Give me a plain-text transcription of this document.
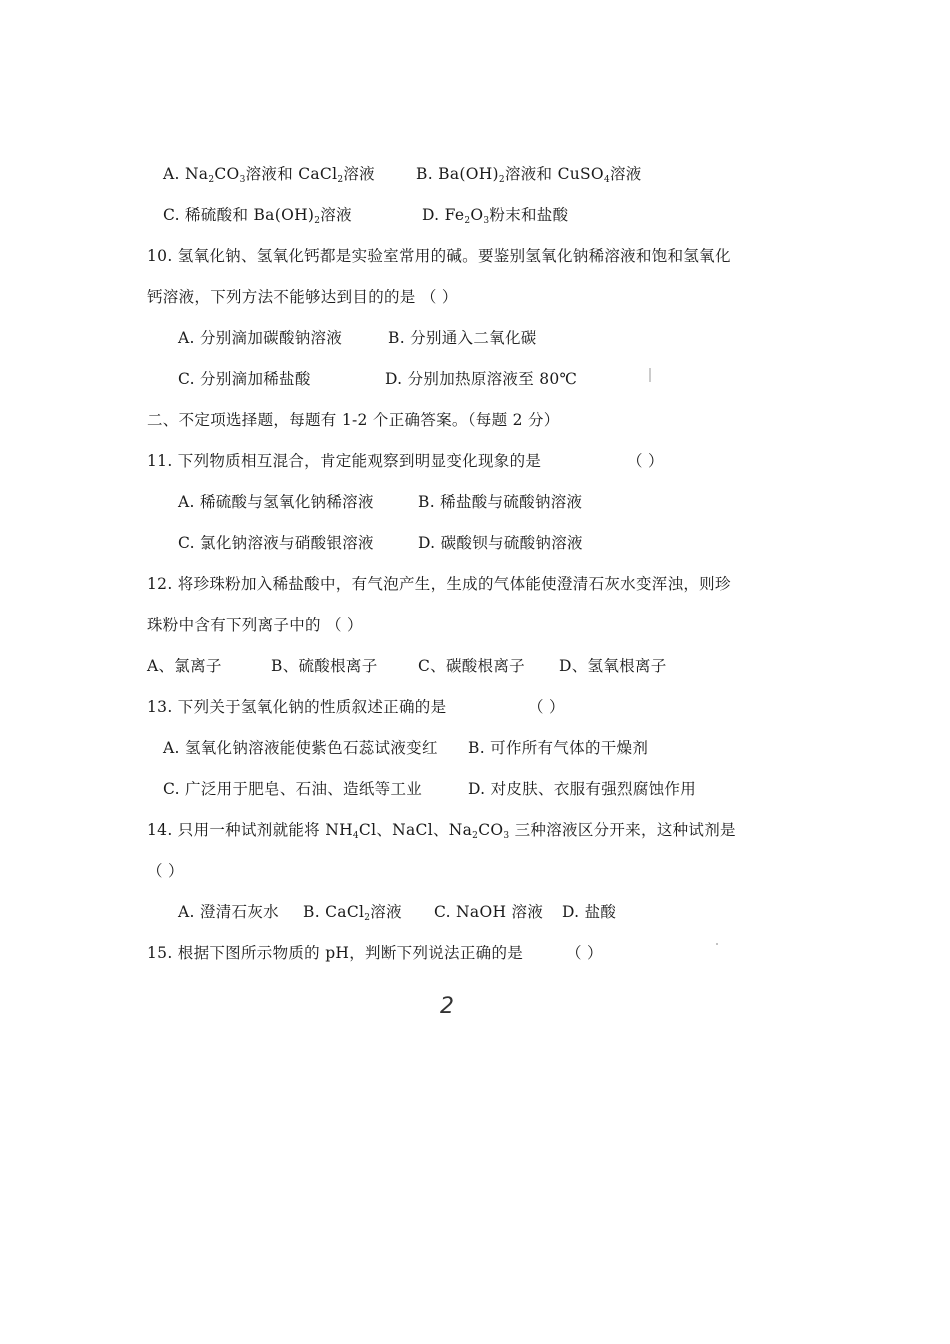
A. $Na_2CO_3$溶液和 CaCl$_2$溶液	B. $Ba(OH)_2$溶液和 CuSO$_4$溶液
C. 稀硫酸和 $Ba(OH)_2$溶液	D. $Fe_2O_3$粉末和盐酸
10. 氢氧化钠、氢氧化钙都是实验室常用的碱。要鉴别氢氧化钠稀溶液和饱和氢氧化
钙溶液，下列方法不能够达到目的的是 （ ）
A. 分别滴加碳酸钠溶液	B. 分别通入二氧化碳
C. 分别滴加稀盐酸	D. 分别加热原溶液至 80℃
二、不定项选择题，每题有 1-2 个正确答案。（每题 2 分）
11. 下列物质相互混合，肯定能观察到明显变化现象的是	（ ）
A. 稀硫酸与氢氧化钠稀溶液	B. 稀盐酸与硫酸钠溶液
C. 氯化钠溶液与硝酸银溶液	D. 碳酸钡与硫酸钠溶液
12. 将珍珠粉加入稀盐酸中，有气泡产生，生成的气体能使澄清石灰水变浑浊，则珍
珠粉中含有下列离子中的 （ ）
A、氯离子	B、硫酸根离子	C、碳酸根离子 D、氢氧根离子
13. 下列关于氢氧化钠的性质叙述正确的是	（ ）
A. 氢氧化钠溶液能使紫色石蕊试液变红 B. 可作所有气体的干燥剂
C. 广泛用于肥皂、石油、造纸等工业	D. 对皮肤、衣服有强烈腐蚀作用
14. 只用一种试剂就能将 $NH_4Cl$、NaCl、$Na_2CO_3$ 三种溶液区分开来，这种试剂是
（ ）
A. 澄清石灰水 B. CaCl$_2$溶液 C. NaOH 溶液 D. 盐酸
15. 根据下图所示物质的 pH，判断下列说法正确的是	（ ）
2
